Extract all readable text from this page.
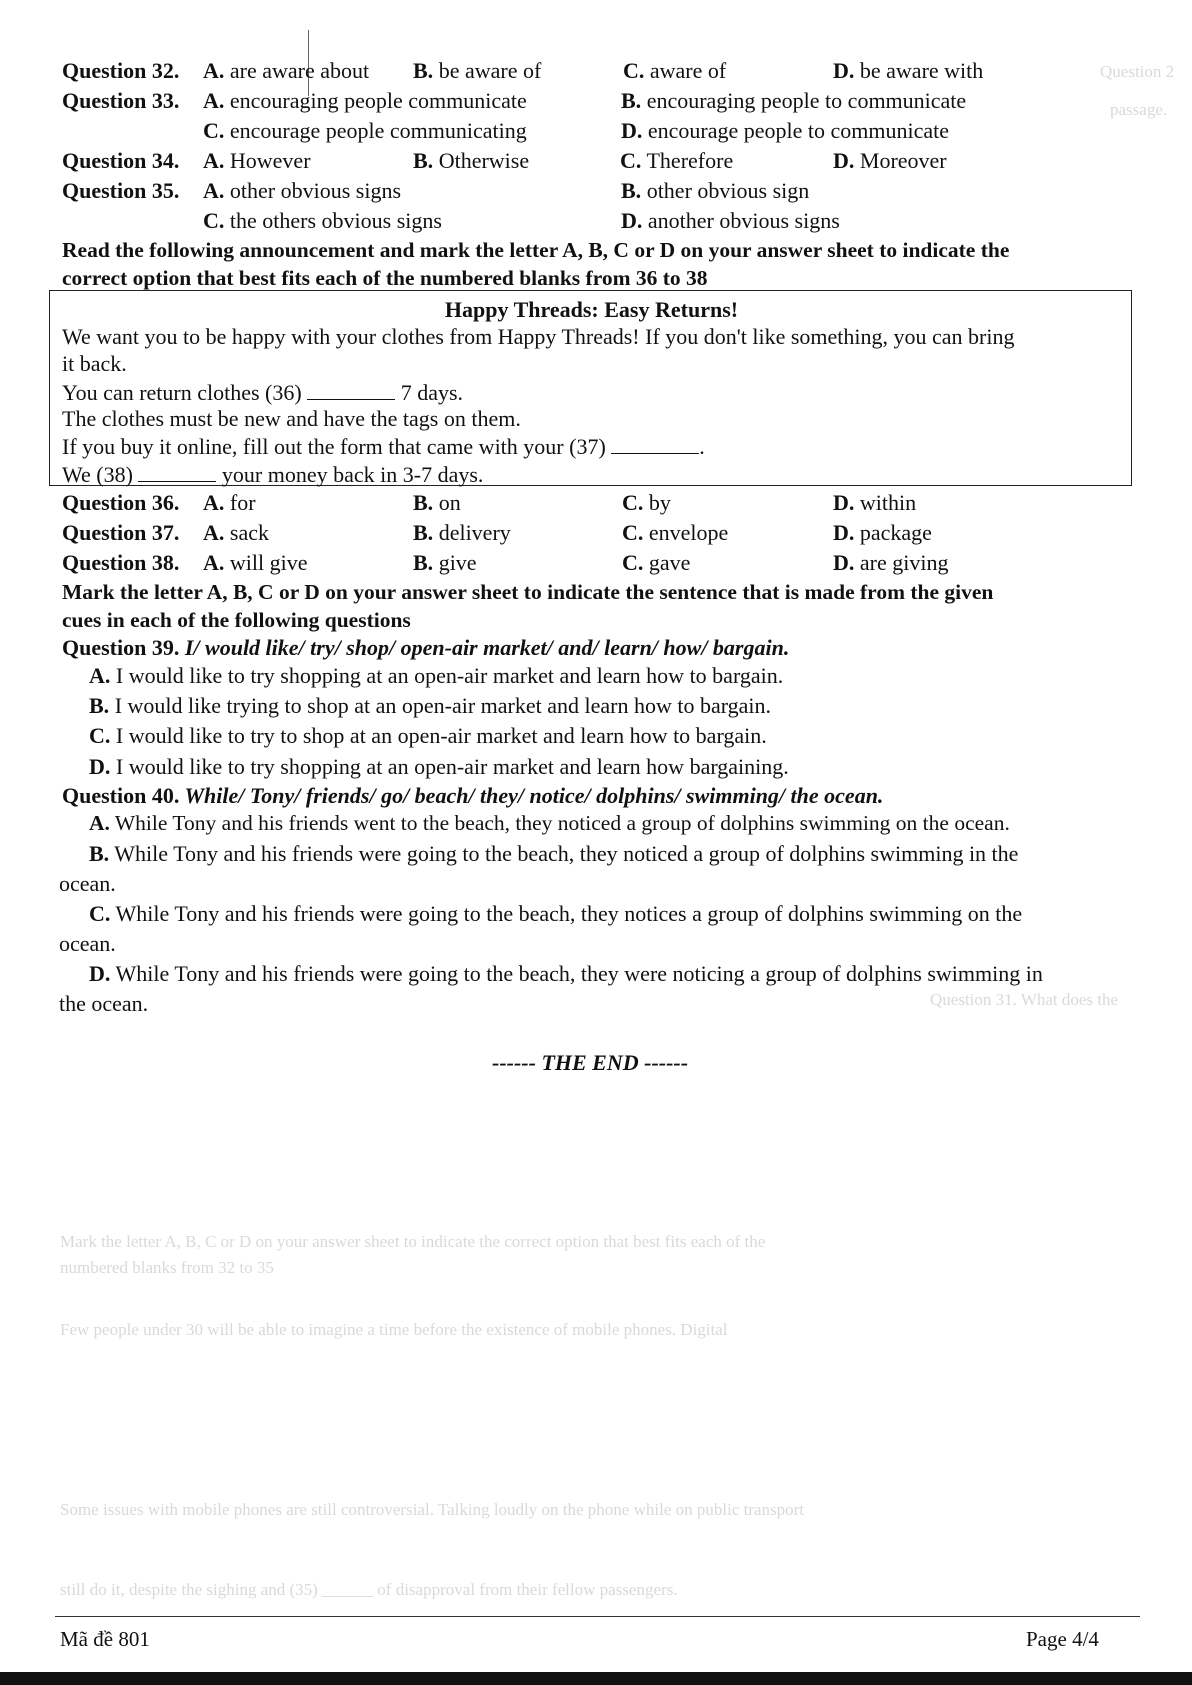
Question 2
passage.
Question 31. What does the
Mark the letter A, B, C or D on your answer sheet to indicate the correct option that best fits each of the
numbered blanks from 32 to 35
Few people under 30 will be able to imagine a time before the existence of mobile phones. Digital
Some issues with mobile phones are still controversial. Talking loudly on the phone while on public transport
still do it, despite the sighing and (35) ______ of disapproval from their fellow passengers.
Question 32. A. are aware about B. be aware of	C. aware of	D. be aware with
Question 33. A. encouraging people communicate	B. encouraging people to communicate
C. encourage people communicating	D. encourage people to communicate
Question 34. A. However	B. Otherwise	C. Therefore	D. Moreover
Question 35. A. other obvious signs	B. other obvious sign
C. the others obvious signs	D. another obvious signs
Read the following announcement and mark the letter A, B, C or D on your answer sheet to indicate the
correct option that best fits each of the numbered blanks from 36 to 38
Happy Threads: Easy Returns!
We want you to be happy with your clothes from Happy Threads! If you don't like something, you can bring
it back.
You can return clothes (36)	7 days.
The clothes must be new and have the tags on them.
If you buy it online, fill out the form that came with your (37)	.
We (38)	your money back in 3-7 days.
Question 36. A. for	B. on	C. by	D. within
Question 37. A. sack	B. delivery	C. envelope	D. package
Question 38. A. will give	B. give	C. gave	D. are giving
Mark the letter A, B, C or D on your answer sheet to indicate the sentence that is made from the given
cues in each of the following questions
Question 39. I/ would like/ try/ shop/ open-air market/ and/ learn/ how/ bargain.
A. I would like to try shopping at an open-air market and learn how to bargain.
B. I would like trying to shop at an open-air market and learn how to bargain.
C. I would like to try to shop at an open-air market and learn how to bargain.
D. I would like to try shopping at an open-air market and learn how bargaining.
Question 40. While/ Tony/ friends/ go/ beach/ they/ notice/ dolphins/ swimming/ the ocean.
A. While Tony and his friends went to the beach, they noticed a group of dolphins swimming on the ocean.
B. While Tony and his friends were going to the beach, they noticed a group of dolphins swimming in the
ocean.
C. While Tony and his friends were going to the beach, they notices a group of dolphins swimming on the
ocean.
D. While Tony and his friends were going to the beach, they were noticing a group of dolphins swimming in
the ocean.
------ THE END ------
Mã đề 801	Page 4/4
